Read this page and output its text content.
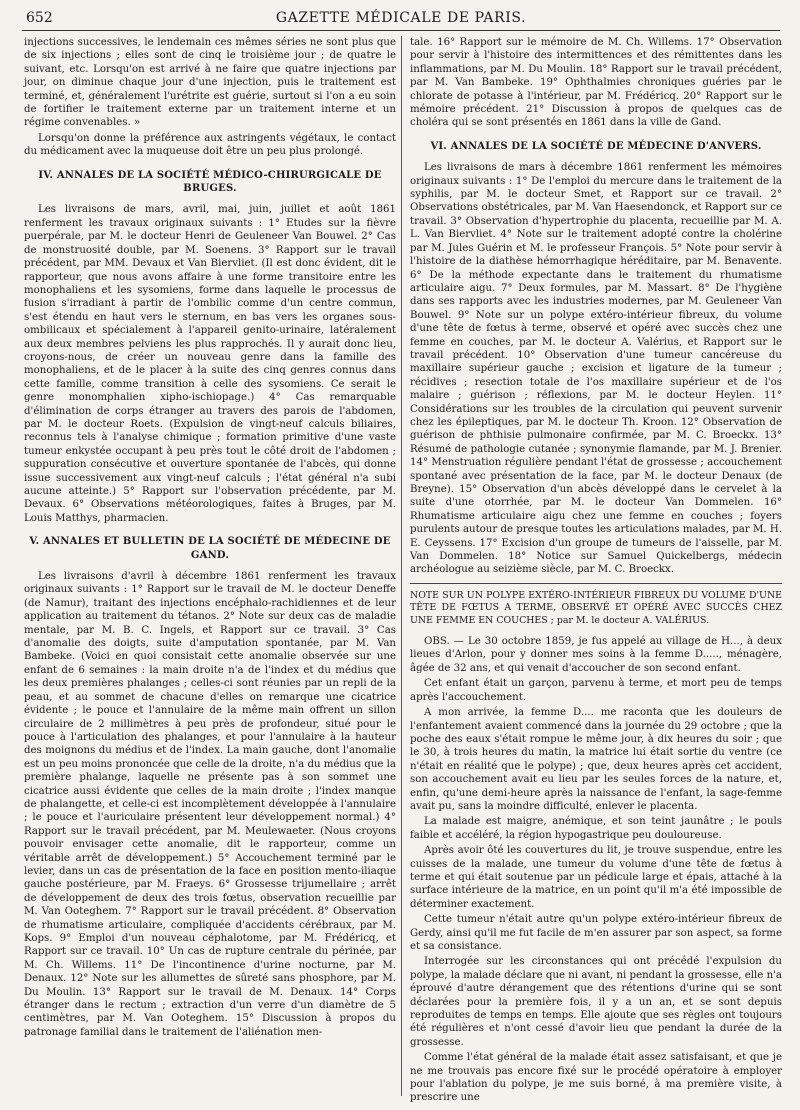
652	GAZETTE MÉDICALE DE PARIS.

injections successives, le lendemain ces mêmes séries ne sont plus que de six injections ; elles sont de cinq le troisième jour ; de quatre le suivant, etc. Lorsqu'on est arrivé à ne faire que quatre injections par jour, on diminue chaque jour d'une injection, puis le traitement est terminé, et, généralement l'urétrite est guérie, surtout si l'on a eu soin de fortifier le traitement externe par un traitement interne et un régime convenables. »

Lorsqu'on donne la préférence aux astringents végétaux, le contact du médicament avec la muqueuse doit être un peu plus prolongé.

IV. ANNALES DE LA SOCIÉTÉ MÉDICO-CHIRURGICALE DE BRUGES.

Les livraisons de mars, avril, mai, juin, juillet et août 1861 renferment les travaux originaux suivants : 1° Etudes sur la fièvre puerpérale, par M. le docteur Henri de Geuleneer Van Bouwel. 2° Cas de monstruosité double, par M. Soenens. 3° Rapport sur le travail précédent, par MM. Devaux et Van Biervliet. (Il est donc évident, dit le rapporteur, que nous avons affaire à une forme transitoire entre les monophaliens et les sysomiens, forme dans laquelle le processus de fusion s'irradiant à partir de l'ombilic comme d'un centre commun, s'est étendu en haut vers le sternum, en bas vers les organes sous-ombilicaux et spécialement à l'appareil genito-urinaire, latéralement aux deux membres pelviens les plus rapprochés. Il y aurait donc lieu, croyons-nous, de créer un nouveau genre dans la famille des monophaliens, et de le placer à la suite des cinq genres connus dans cette famille, comme transition à celle des sysomiens. Ce serait le genre monomphalien xipho-ischiopage.) 4° Cas remarquable d'élimination de corps étranger au travers des parois de l'abdomen, par M. le docteur Roets. (Expulsion de vingt-neuf calculs biliaires, reconnus tels à l'analyse chimique ; formation primitive d'une vaste tumeur enkystée occupant à peu près tout le côté droit de l'abdomen ; suppuration consécutive et ouverture spontanée de l'abcès, qui donne issue successivement aux vingt-neuf calculs ; l'état général n'a subi aucune atteinte.) 5° Rapport sur l'observation précédente, par M. Devaux. 6° Observations météorologiques, faites à Bruges, par M. Louis Matthys, pharmacien.

V. ANNALES ET BULLETIN DE LA SOCIÉTÉ DE MÉDECINE DE GAND.

Les livraisons d'avril à décembre 1861 renferment les travaux originaux suivants : 1° Rapport sur le travail de M. le docteur Deneffe (de Namur), traitant des injections encéphalo-rachidiennes et de leur application au traitement du tétanos. 2° Note sur deux cas de maladie mentale, par M. B. C. Ingels, et Rapport sur ce travail. 3° Cas d'anomalie des doigts, suite d'amputation spontanée, par M. Van Bambeke. (Voici en quoi consistait cette anomalie observée sur une enfant de 6 semaines : la main droite n'a de l'index et du médius que les deux premières phalanges ; celles-ci sont réunies par un repli de la peau, et au sommet de chacune d'elles on remarque une cicatrice évidente ; le pouce et l'annulaire de la même main offrent un sillon circulaire de 2 millimètres à peu près de profondeur, situé pour le pouce à l'articulation des phalanges, et pour l'annulaire à la hauteur des moignons du médius et de l'index. La main gauche, dont l'anomalie est un peu moins prononcée que celle de la droite, n'a du médius que la première phalange, laquelle ne présente pas à son sommet une cicatrice aussi évidente que celles de la main droite ; l'index manque de phalangette, et celle-ci est incomplètement développée à l'annulaire ; le pouce et l'auriculaire présentent leur développement normal.) 4° Rapport sur le travail précédent, par M. Meulewaeter. (Nous croyons pouvoir envisager cette anomalie, dit le rapporteur, comme un véritable arrêt de développement.) 5° Accouchement terminé par le levier, dans un cas de présentation de la face en position mento-iliaque gauche postérieure, par M. Fraeys. 6° Grossesse trijumellaire ; arrêt de développement de deux des trois fœtus, observation recueillie par M. Van Ooteghem. 7° Rapport sur le travail précédent. 8° Observation de rhumatisme articulaire, compliquée d'accidents cérébraux, par M. Kops. 9° Emploi d'un nouveau céphalotome, par M. Frédéricq, et Rapport sur ce travail. 10° Un cas de rupture centrale du périnée, par M. Ch. Willems. 11° De l'incontinence d'urine nocturne, par M. Denaux. 12° Note sur les allumettes de sûreté sans phosphore, par M. Du Moulin. 13° Rapport sur le travail de M. Denaux. 14° Corps étranger dans le rectum ; extraction d'un verre d'un diamètre de 5 centimètres, par M. Van Ooteghem. 15° Discussion à propos du patronage familial dans le traitement de l'aliénation men-

tale. 16° Rapport sur le mémoire de M. Ch. Willems. 17° Observation pour servir à l'histoire des intermittences et des rémittentes dans les inflammations, par M. Du Moulin. 18° Rapport sur le travail précédent, par M. Van Bambeke. 19° Ophthalmies chroniques guéries par le chlorate de potasse à l'intérieur, par M. Frédéricq. 20° Rapport sur le mémoire précédent. 21° Discussion à propos de quelques cas de choléra qui se sont présentés en 1861 dans la ville de Gand.

VI. ANNALES DE LA SOCIÉTÉ DE MÉDECINE D'ANVERS.

Les livraisons de mars à décembre 1861 renferment les mémoires originaux suivants : 1° De l'emploi du mercure dans le traitement de la syphilis, par M. le docteur Smet, et Rapport sur ce travail. 2° Observations obstétricales, par M. Van Haesendonck, et Rapport sur ce travail. 3° Observation d'hypertrophie du placenta, recueillie par M. A. L. Van Biervliet. 4° Note sur le traitement adopté contre la cholérine par M. Jules Guérin et M. le professeur François. 5° Note pour servir à l'histoire de la diathèse hémorrhagique héréditaire, par M. Benavente. 6° De la méthode expectante dans le traitement du rhumatisme articulaire aigu. 7° Deux formules, par M. Massart. 8° De l'hygiène dans ses rapports avec les industries modernes, par M. Geuleneer Van Bouwel. 9° Note sur un polype extéro-intérieur fibreux, du volume d'une tête de fœtus à terme, observé et opéré avec succès chez une femme en couches, par M. le docteur A. Valérius, et Rapport sur le travail précédent. 10° Observation d'une tumeur cancéreuse du maxillaire supérieur gauche ; excision et ligature de la tumeur ; récidives ; resection totale de l'os maxillaire supérieur et de l'os malaire ; guérison ; réflexions, par M. le docteur Heylen. 11° Considérations sur les troubles de la circulation qui peuvent survenir chez les épileptiques, par M. le docteur Th. Kroon. 12° Observation de guérison de phthisie pulmonaire confirmée, par M. C. Broeckx. 13° Résumé de pathologie cutanée ; synonymie flamande, par M. J. Brenier. 14° Menstruation régulière pendant l'état de grossesse ; accouchement spontané avec présentation de la face, par M. le docteur Denaux (de Breyne). 15° Observation d'un abcès développé dans le cervelet à la suite d'une otorrhée, par M. le docteur Van Dommelen. 16° Rhumatisme articulaire aigu chez une femme en couches ; foyers purulents autour de presque toutes les articulations malades, par M. H. E. Ceyssens. 17° Excision d'un groupe de tumeurs de l'aisselle, par M. Van Dommelen. 18° Notice sur Samuel Quickelbergs, médecin archéologue au seizième siècle, par M. C. Broeckx.

NOTE SUR UN POLYPE EXTÉRO-INTÉRIEUR FIBREUX DU VOLUME D'UNE TÊTE DE FŒTUS A TERME, OBSERVÉ ET OPÉRÉ AVEC SUCCÈS CHEZ UNE FEMME EN COUCHES ; par M. le docteur A. VALÉRIUS.

OBS. — Le 30 octobre 1859, je fus appelé au village de H..., à deux lieues d'Arlon, pour y donner mes soins à la femme D....., ménagère, âgée de 32 ans, et qui venait d'accoucher de son second enfant.

Cet enfant était un garçon, parvenu à terme, et mort peu de temps après l'accouchement.

A mon arrivée, la femme D.... me raconta que les douleurs de l'enfantement avaient commencé dans la journée du 29 octobre ; que la poche des eaux s'était rompue le même jour, à dix heures du soir ; que le 30, à trois heures du matin, la matrice lui était sortie du ventre (ce n'était en réalité que le polype) ; que, deux heures après cet accident, son accouchement avait eu lieu par les seules forces de la nature, et, enfin, qu'une demi-heure après la naissance de l'enfant, la sage-femme avait pu, sans la moindre difficulté, enlever le placenta.

La malade est maigre, anémique, et son teint jaunâtre ; le pouls faible et accéléré, la région hypogastrique peu douloureuse.

Après avoir ôté les couvertures du lit, je trouve suspendue, entre les cuisses de la malade, une tumeur du volume d'une tête de fœtus à terme et qui était soutenue par un pédicule large et épais, attaché à la surface intérieure de la matrice, en un point qu'il m'a été impossible de déterminer exactement.

Cette tumeur n'était autre qu'un polype extéro-intérieur fibreux de Gerdy, ainsi qu'il me fut facile de m'en assurer par son aspect, sa forme et sa consistance.

Interrogée sur les circonstances qui ont précédé l'expulsion du polype, la malade déclare que ni avant, ni pendant la grossesse, elle n'a éprouvé d'autre dérangement que des rétentions d'urine qui se sont déclarées pour la première fois, il y a un an, et se sont depuis reproduites de temps en temps. Elle ajoute que ses règles ont toujours été régulières et n'ont cessé d'avoir lieu que pendant la durée de la grossesse.

Comme l'état général de la malade était assez satisfaisant, et que je ne me trouvais pas encore fixé sur le procédé opératoire à employer pour l'ablation du polype, je me suis borné, à ma première visite, à prescrire une
